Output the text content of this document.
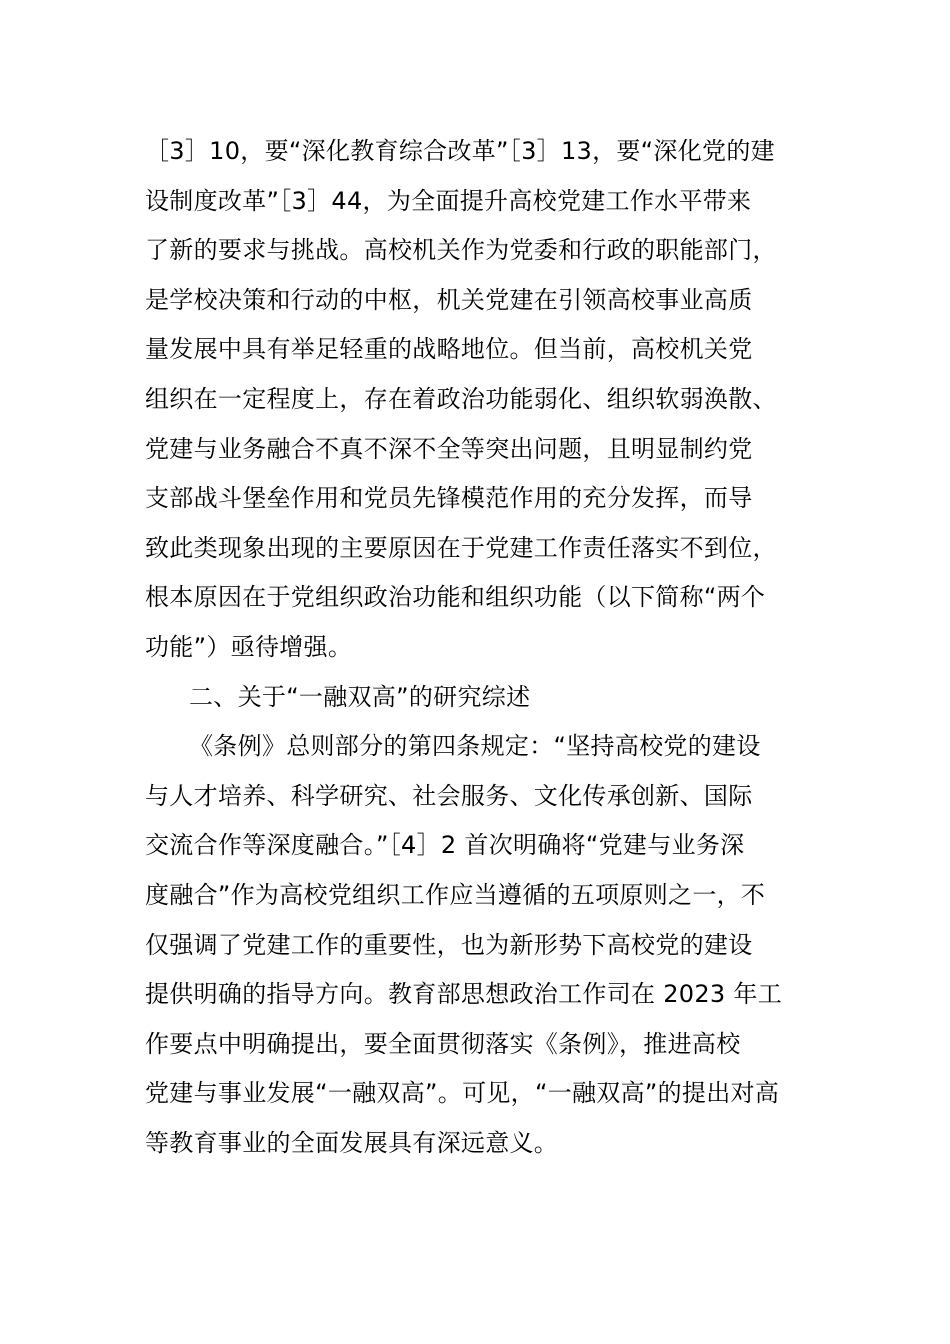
［3］10，要“深化教育综合改革”［3］13，要“深化党的建
设制度改革”［3］44，为全面提升高校党建工作水平带来
了新的要求与挑战。高校机关作为党委和行政的职能部门，
是学校决策和行动的中枢，机关党建在引领高校事业高质
量发展中具有举足轻重的战略地位。但当前，高校机关党
组织在一定程度上，存在着政治功能弱化、组织软弱涣散、
党建与业务融合不真不深不全等突出问题，且明显制约党
支部战斗堡垒作用和党员先锋模范作用的充分发挥，而导
致此类现象出现的主要原因在于党建工作责任落实不到位，
根本原因在于党组织政治功能和组织功能（以下简称“两个
功能”）亟待增强。
二、关于“一融双高”的研究综述
《条例》总则部分的第四条规定：“坚持高校党的建设
与人才培养、科学研究、社会服务、文化传承创新、国际
交流合作等深度融合。”［4］2 首次明确将“党建与业务深
度融合”作为高校党组织工作应当遵循的五项原则之一，不
仅强调了党建工作的重要性，也为新形势下高校党的建设
提供明确的指导方向。教育部思想政治工作司在 2023 年工
作要点中明确提出，要全面贯彻落实《条例》，推进高校
党建与事业发展“一融双高”。可见，“一融双高”的提出对高
等教育事业的全面发展具有深远意义。
